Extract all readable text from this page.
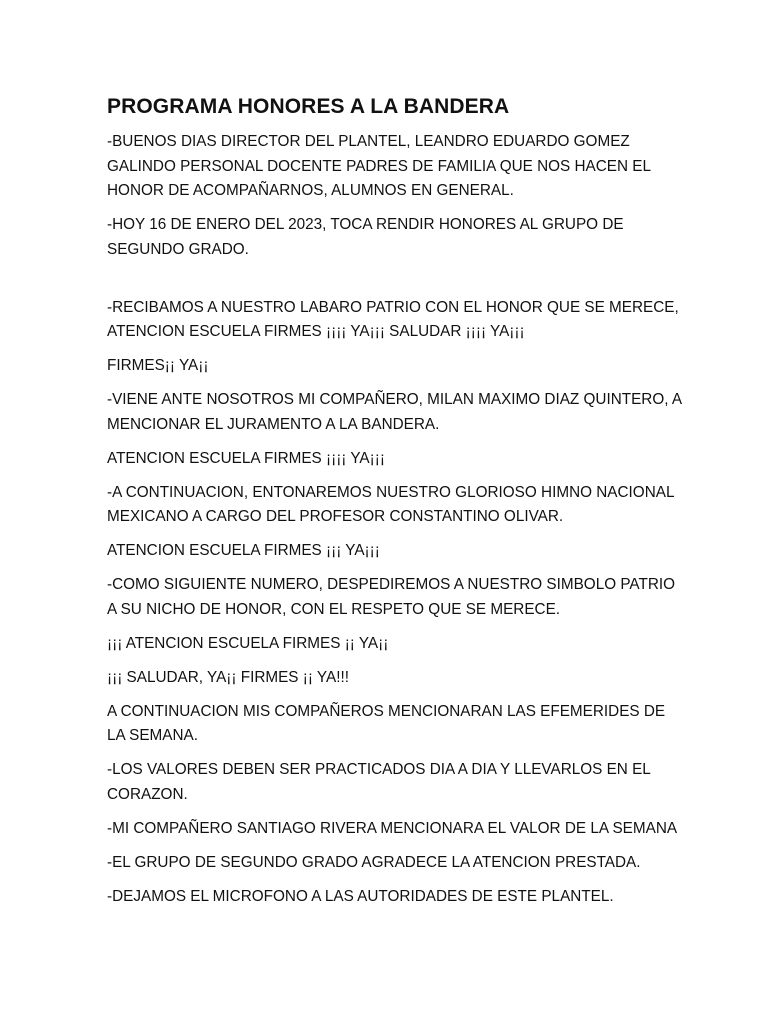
PROGRAMA HONORES A LA BANDERA

-BUENOS DIAS DIRECTOR DEL PLANTEL, LEANDRO EDUARDO GOMEZ GALINDO PERSONAL DOCENTE PADRES DE FAMILIA QUE NOS HACEN EL HONOR DE ACOMPAÑARNOS, ALUMNOS EN GENERAL.

-HOY 16 DE ENERO DEL 2023, TOCA RENDIR HONORES AL GRUPO DE SEGUNDO GRADO.

-RECIBAMOS A NUESTRO LABARO PATRIO CON EL HONOR QUE SE MERECE, ATENCION ESCUELA FIRMES ¡¡¡¡ YA¡¡¡ SALUDAR ¡¡¡¡ YA¡¡¡

FIRMES¡¡ YA¡¡

-VIENE ANTE NOSOTROS MI COMPAÑERO, MILAN MAXIMO DIAZ QUINTERO, A MENCIONAR EL JURAMENTO A LA BANDERA.

ATENCION ESCUELA FIRMES ¡¡¡¡ YA¡¡¡

-A CONTINUACION, ENTONAREMOS NUESTRO GLORIOSO HIMNO NACIONAL MEXICANO A CARGO DEL PROFESOR CONSTANTINO OLIVAR.

ATENCION ESCUELA FIRMES ¡¡¡ YA¡¡¡

-COMO SIGUIENTE NUMERO, DESPEDIREMOS A NUESTRO SIMBOLO PATRIO A SU NICHO DE HONOR, CON EL RESPETO QUE SE MERECE.

¡¡¡ ATENCION ESCUELA FIRMES ¡¡ YA¡¡

¡¡¡ SALUDAR, YA¡¡ FIRMES ¡¡ YA!!!

A CONTINUACION MIS COMPAÑEROS MENCIONARAN LAS EFEMERIDES DE LA SEMANA.

-LOS VALORES DEBEN SER PRACTICADOS DIA A DIA Y LLEVARLOS EN EL CORAZON.

-MI COMPAÑERO SANTIAGO RIVERA MENCIONARA EL VALOR DE LA SEMANA

-EL GRUPO DE SEGUNDO GRADO AGRADECE LA ATENCION PRESTADA.

-DEJAMOS EL MICROFONO A LAS AUTORIDADES DE ESTE PLANTEL.
